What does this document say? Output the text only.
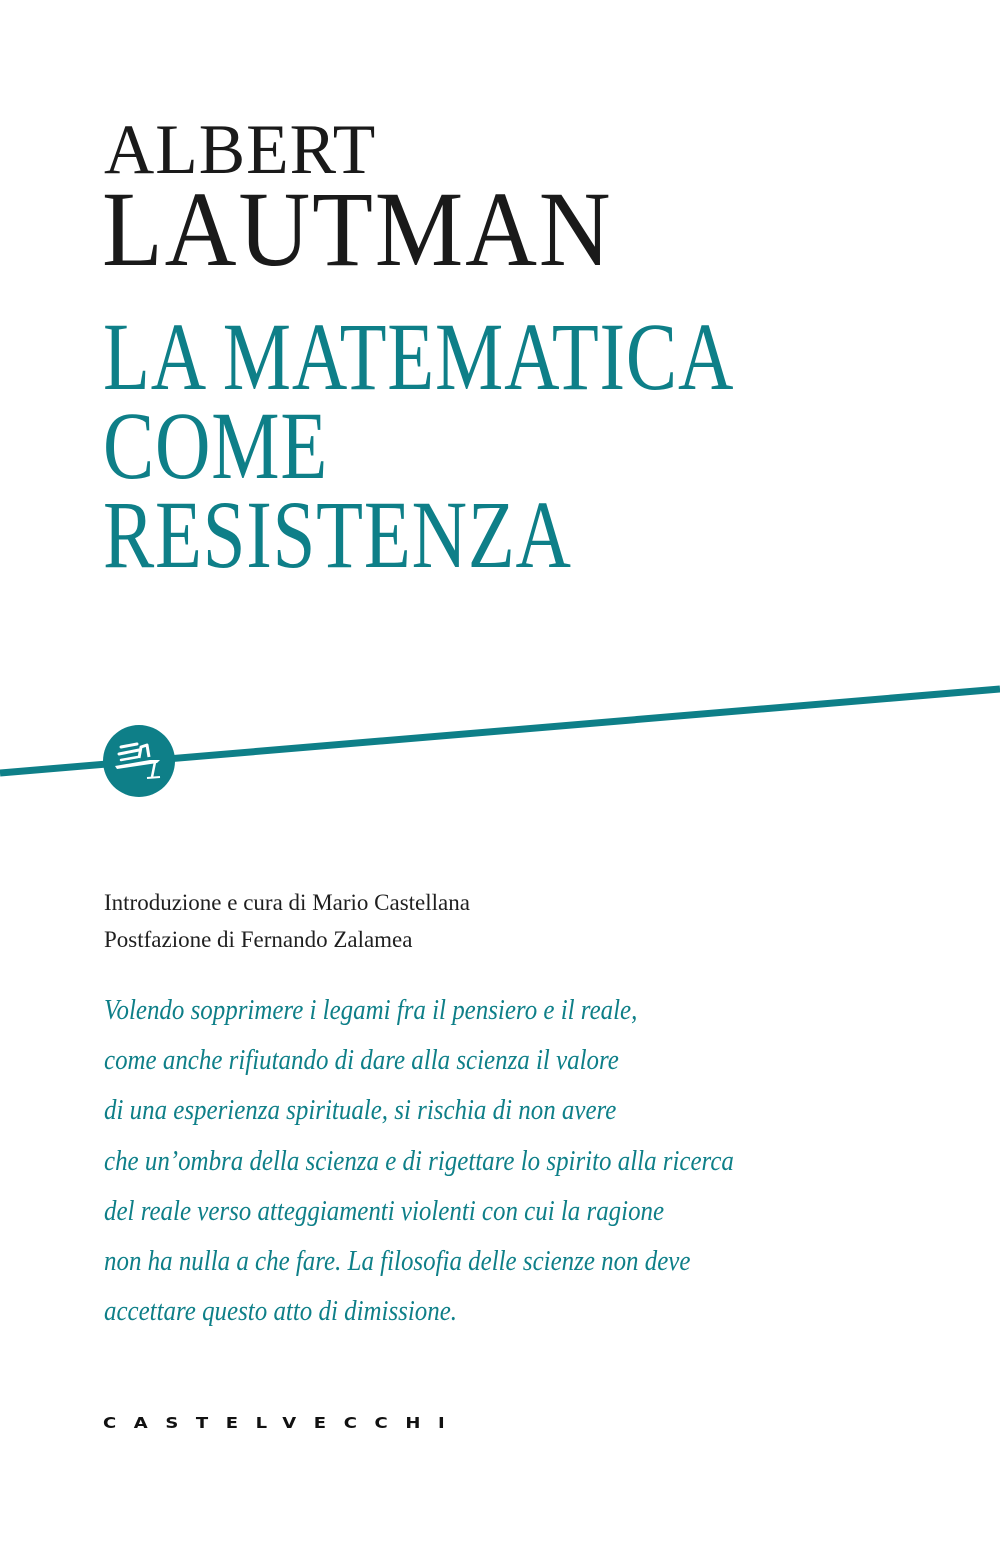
ALBERT
LAUTMAN
LA MATEMATICA
COME
RESISTENZA
Introduzione e cura di Mario Castellana
Postfazione di Fernando Zalamea
Volendo sopprimere i legami fra il pensiero e il reale,
come anche rifiutando di dare alla scienza il valore
di una esperienza spirituale, si rischia di non avere
che un’ombra della scienza e di rigettare lo spirito alla ricerca
del reale verso atteggiamenti violenti con cui la ragione
non ha nulla a che fare. La filosofia delle scienze non deve
accettare questo atto di dimissione.
CASTELVECCHI
